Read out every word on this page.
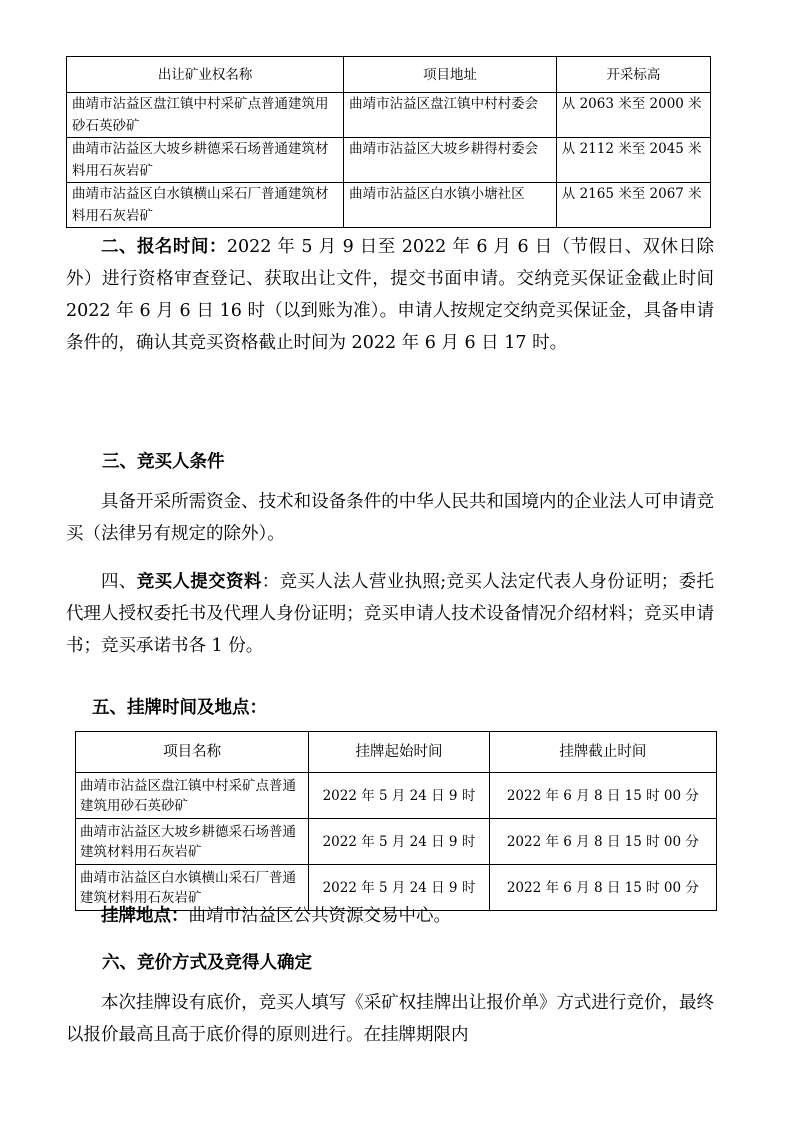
出让矿业权名称	项目地址	开采标高
曲靖市沾益区盘江镇中村采矿点普通建筑用砂石英砂矿	曲靖市沾益区盘江镇中村村委会	从 2063 米至 2000 米
曲靖市沾益区大坡乡耕德采石场普通建筑材料用石灰岩矿	曲靖市沾益区大坡乡耕得村委会	从 2112 米至 2045 米
曲靖市沾益区白水镇横山采石厂普通建筑材料用石灰岩矿	曲靖市沾益区白水镇小塘社区	从 2165 米至 2067 米
二、报名时间：2022 年 5 月 9 日至 2022 年 6 月 6 日（节假日、双休日除外）进行资格审查登记、获取出让文件，提交书面申请。交纳竞买保证金截止时间 2022 年 6 月 6 日 16 时（以到账为准）。申请人按规定交纳竞买保证金，具备申请条件的，确认其竞买资格截止时间为 2022 年 6 月 6 日 17 时。
三、竞买人条件
具备开采所需资金、技术和设备条件的中华人民共和国境内的企业法人可申请竞买（法律另有规定的除外）。
四、竞买人提交资料：竞买人法人营业执照;竞买人法定代表人身份证明；委托代理人授权委托书及代理人身份证明；竞买申请人技术设备情况介绍材料；竞买申请书；竞买承诺书各 1 份。
五、挂牌时间及地点：
项目名称	挂牌起始时间	挂牌截止时间
曲靖市沾益区盘江镇中村采矿点普通建筑用砂石英砂矿	2022 年 5 月 24 日 9 时	2022 年 6 月 8 日 15 时 00 分
曲靖市沾益区大坡乡耕德采石场普通建筑材料用石灰岩矿	2022 年 5 月 24 日 9 时	2022 年 6 月 8 日 15 时 00 分
曲靖市沾益区白水镇横山采石厂普通建筑材料用石灰岩矿	2022 年 5 月 24 日 9 时	2022 年 6 月 8 日 15 时 00 分
挂牌地点：曲靖市沾益区公共资源交易中心。
六、竞价方式及竞得人确定
本次挂牌设有底价，竞买人填写《采矿权挂牌出让报价单》方式进行竞价，最终以报价最高且高于底价得的原则进行。在挂牌期限内
